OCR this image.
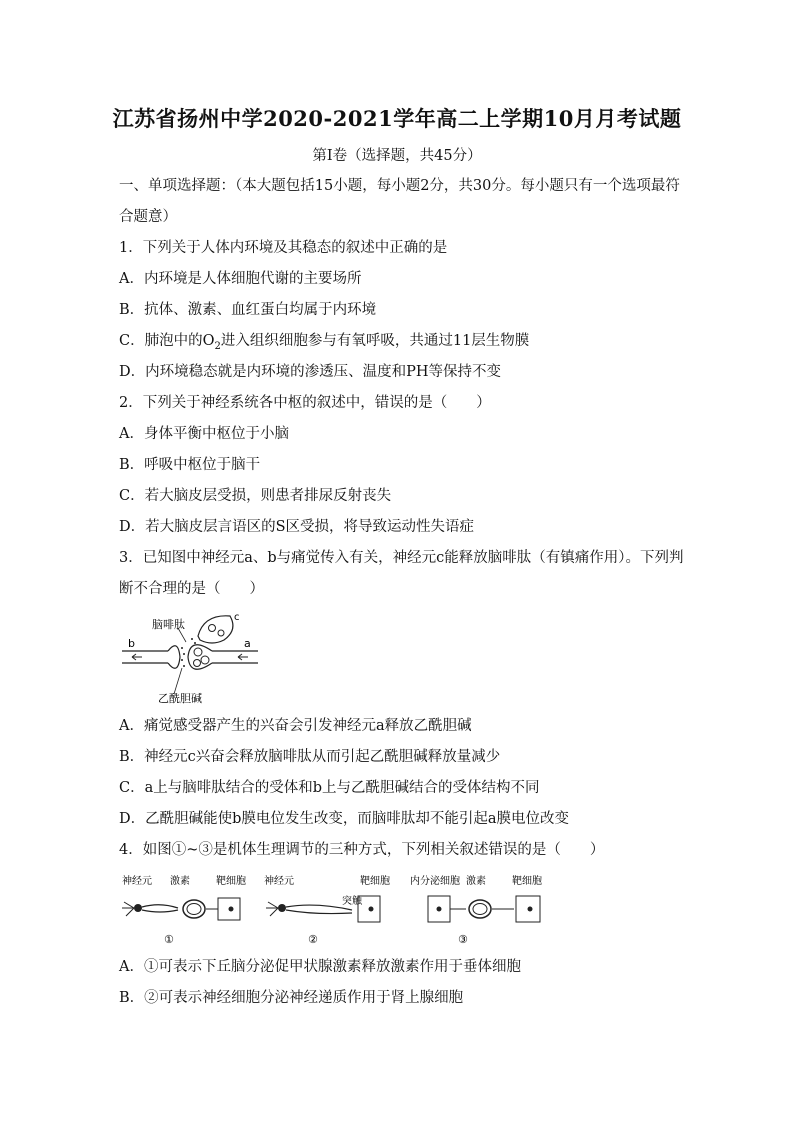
江苏省扬州中学2020-2021学年高二上学期10月月考试题
第Ⅰ卷（选择题，共45分）
一、单项选择题：（本大题包括15小题，每小题2分，共30分。每小题只有一个选项最符
合题意）
1．下列关于人体内环境及其稳态的叙述中正确的是
A．内环境是人体细胞代谢的主要场所
B．抗体、激素、血红蛋白均属于内环境
C．肺泡中的$O_2$进入组织细胞参与有氧呼吸，共通过11层生物膜
D．内环境稳态就是内环境的渗透压、温度和PH等保持不变
2．下列关于神经系统各中枢的叙述中，错误的是（　　）
A．身体平衡中枢位于小脑
B．呼吸中枢位于脑干
C．若大脑皮层受损，则患者排尿反射丧失
D．若大脑皮层言语区的S区受损，将导致运动性失语症
3．已知图中神经元a、b与痛觉传入有关，神经元c能释放脑啡肽（有镇痛作用）。下列判
断不合理的是（　　）
脑啡肽
乙酰胆碱
a
b
c
A．痛觉感受器产生的兴奋会引发神经元a释放乙酰胆碱
B．神经元c兴奋会释放脑啡肽从而引起乙酰胆碱释放量减少
C．a上与脑啡肽结合的受体和b上与乙酰胆碱结合的受体结构不同
D．乙酰胆碱能使b膜电位发生改变，而脑啡肽却不能引起a膜电位改变
4．如图①~③是机体生理调节的三种方式，下列相关叙述错误的是（　　）
神经元 激素	靶细胞
①
神经元	靶细胞
突触
②
内分泌细胞 激素	靶细胞
③
A．①可表示下丘脑分泌促甲状腺激素释放激素作用于垂体细胞
B．②可表示神经细胞分泌神经递质作用于肾上腺细胞
